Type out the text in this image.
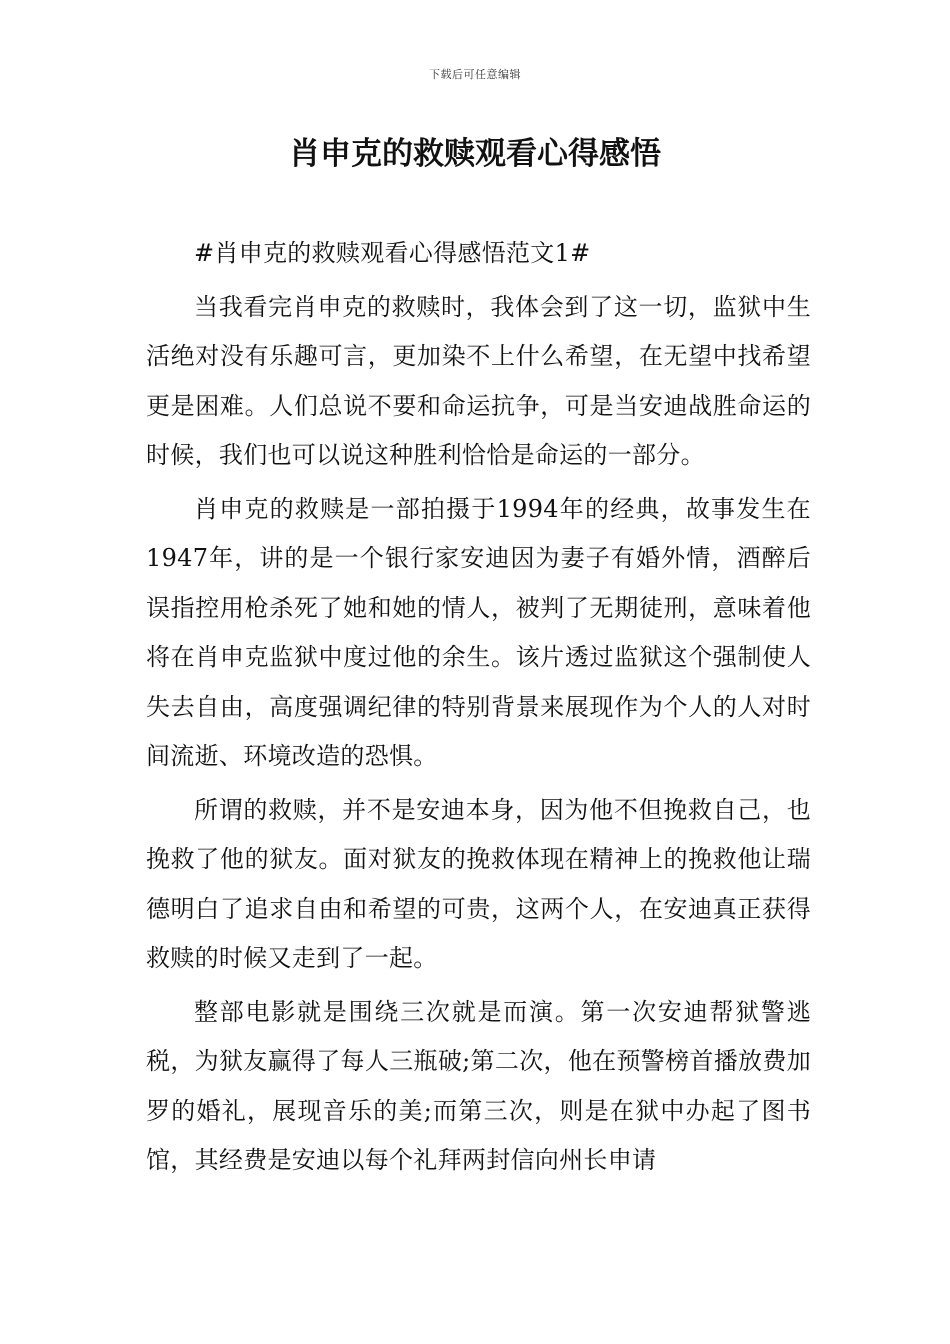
下载后可任意编辑
肖申克的救赎观看心得感悟

#肖申克的救赎观看心得感悟范文1#

当我看完肖申克的救赎时，我体会到了这一切，监狱中生活绝对没有乐趣可言，更加染不上什么希望，在无望中找希望更是困难。人们总说不要和命运抗争，可是当安迪战胜命运的时候，我们也可以说这种胜利恰恰是命运的一部分。

肖申克的救赎是一部拍摄于1994年的经典，故事发生在1947年，讲的是一个银行家安迪因为妻子有婚外情，酒醉后误指控用枪杀死了她和她的情人，被判了无期徒刑，意味着他将在肖申克监狱中度过他的余生。该片透过监狱这个强制使人失去自由，高度强调纪律的特别背景来展现作为个人的人对时间流逝、环境改造的恐惧。

所谓的救赎，并不是安迪本身，因为他不但挽救自己，也挽救了他的狱友。面对狱友的挽救体现在精神上的挽救他让瑞德明白了追求自由和希望的可贵，这两个人，在安迪真正获得救赎的时候又走到了一起。

整部电影就是围绕三次就是而演。第一次安迪帮狱警逃税，为狱友赢得了每人三瓶破;第二次，他在预警榜首播放费加罗的婚礼，展现音乐的美;而第三次，则是在狱中办起了图书馆，其经费是安迪以每个礼拜两封信向州长申请
